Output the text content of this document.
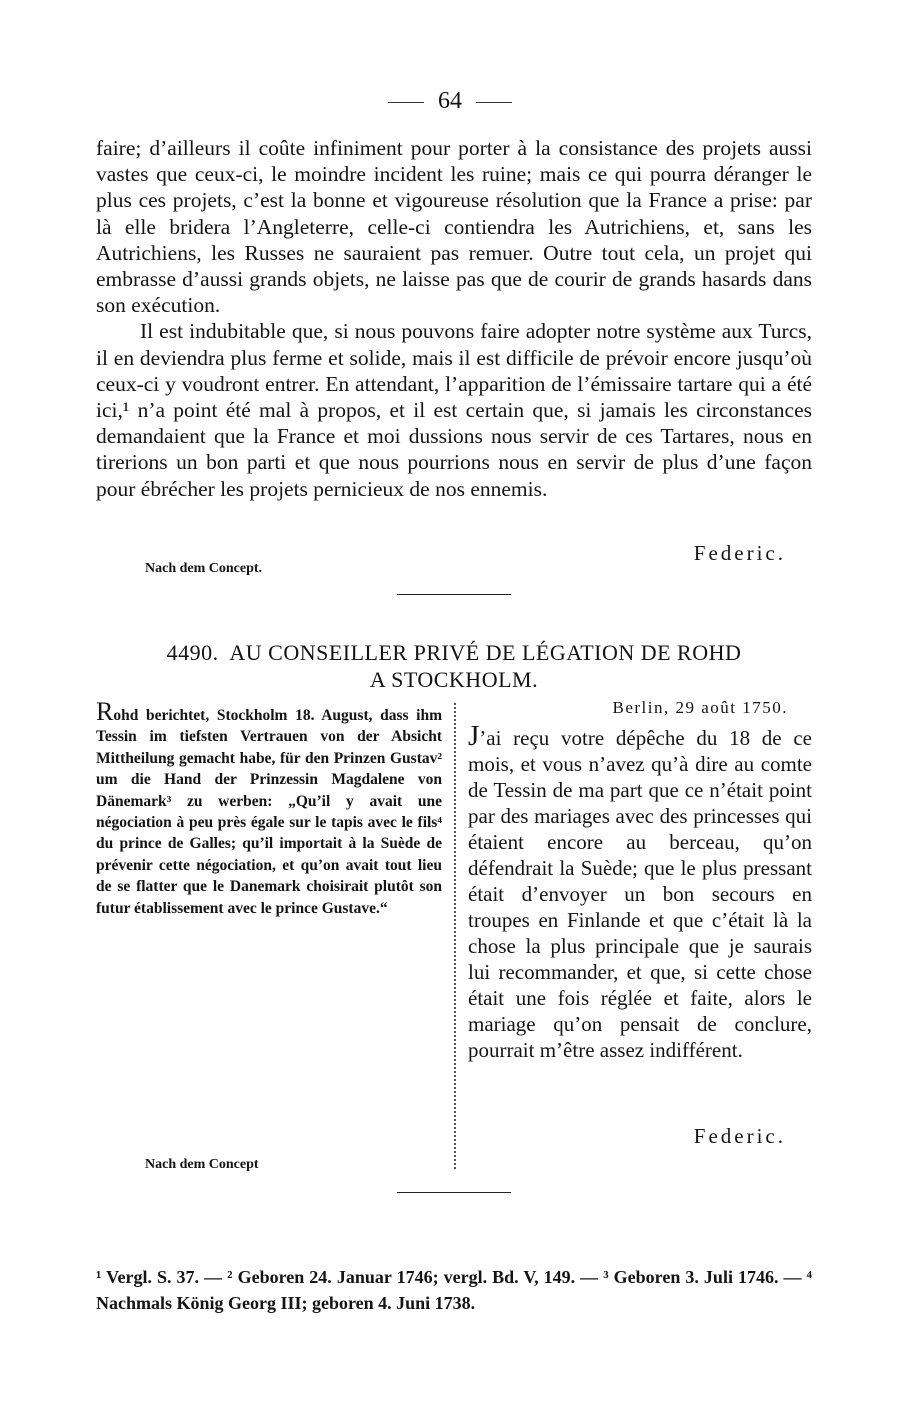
64

faire; d’ailleurs il coûte infiniment pour porter à la consistance des projets aussi vastes que ceux-ci, le moindre incident les ruine; mais ce qui pourra déranger le plus ces projets, c’est la bonne et vigoureuse résolution que la France a prise: par là elle bridera l’Angleterre, celle-ci contiendra les Autrichiens, et, sans les Autrichiens, les Russes ne sauraient pas remuer. Outre tout cela, un projet qui embrasse d’aussi grands objets, ne laisse pas que de courir de grands hasards dans son exécution.

Il est indubitable que, si nous pouvons faire adopter notre système aux Turcs, il en deviendra plus ferme et solide, mais il est difficile de prévoir encore jusqu’où ceux-ci y voudront entrer. En attendant, l’apparition de l’émissaire tartare qui a été ici,¹ n’a point été mal à propos, et il est certain que, si jamais les circonstances demandaient que la France et moi dussions nous servir de ces Tartares, nous en tirerions un bon parti et que nous pourrions nous en servir de plus d’une façon pour ébrécher les projets pernicieux de nos ennemis.

Federic.
Nach dem Concept.
4490. AU CONSEILLER PRIVÉ DE LÉGATION DE ROHD
A STOCKHOLM.
Rohd berichtet, Stockholm 18. August, dass ihm Tessin im tiefsten Vertrauen von der Absicht Mittheilung gemacht habe, für den Prinzen Gustav² um die Hand der Prinzessin Magdalene von Dänemark³ zu werben: „Qu’il y avait une négociation à peu près égale sur le tapis avec le fils⁴ du prince de Galles; qu’il importait à la Suède de prévenir cette négociation, et qu’on avait tout lieu de se flatter que le Danemark choisirait plutôt son futur établissement avec le prince Gustave.“
Berlin, 29 août 1750.
J’ai reçu votre dépêche du 18 de ce mois, et vous n’avez qu’à dire au comte de Tessin de ma part que ce n’était point par des mariages avec des princesses qui étaient encore au berceau, qu’on défendrait la Suède; que le plus pressant était d’envoyer un bon secours en troupes en Finlande et que c’était là la chose la plus principale que je saurais lui recommander, et que, si cette chose était une fois réglée et faite, alors le mariage qu’on pensait de conclure, pourrait m’être assez indifférent.
Federic.
Nach dem Concept
¹ Vergl. S. 37. — ² Geboren 24. Januar 1746; vergl. Bd. V, 149. — ³ Geboren 3. Juli 1746. — ⁴ Nachmals König Georg III; geboren 4. Juni 1738.
